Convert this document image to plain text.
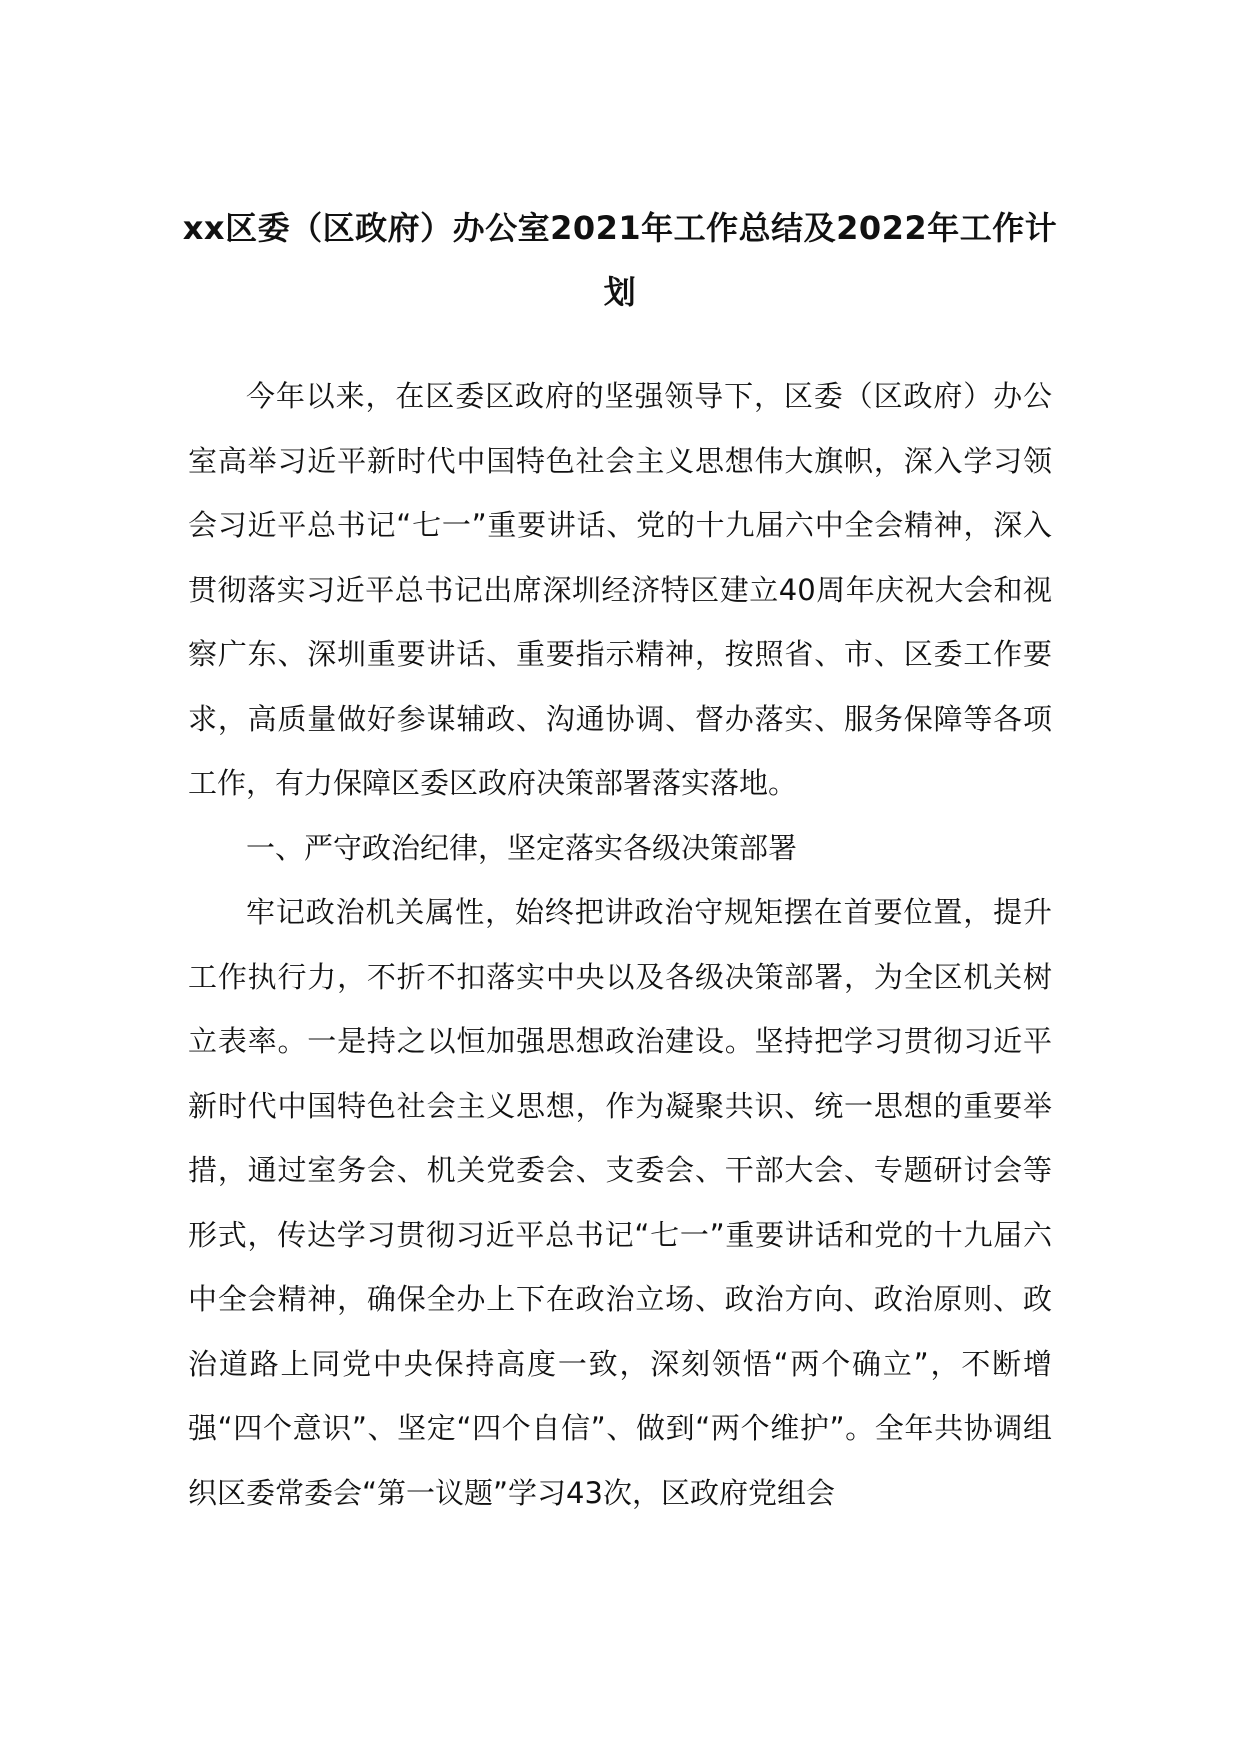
xx区委（区政府）办公室2021年工作总结及2022年工作计划

今年以来，在区委区政府的坚强领导下，区委（区政府）办公室高举习近平新时代中国特色社会主义思想伟大旗帜，深入学习领会习近平总书记“七一”重要讲话、党的十九届六中全会精神，深入贯彻落实习近平总书记出席深圳经济特区建立40周年庆祝大会和视察广东、深圳重要讲话、重要指示精神，按照省、市、区委工作要求，高质量做好参谋辅政、沟通协调、督办落实、服务保障等各项工作，有力保障区委区政府决策部署落实落地。

一、严守政治纪律，坚定落实各级决策部署

牢记政治机关属性，始终把讲政治守规矩摆在首要位置，提升工作执行力，不折不扣落实中央以及各级决策部署，为全区机关树立表率。一是持之以恒加强思想政治建设。坚持把学习贯彻习近平新时代中国特色社会主义思想，作为凝聚共识、统一思想的重要举措，通过室务会、机关党委会、支委会、干部大会、专题研讨会等形式，传达学习贯彻习近平总书记“七一”重要讲话和党的十九届六中全会精神，确保全办上下在政治立场、政治方向、政治原则、政治道路上同党中央保持高度一致，深刻领悟“两个确立”，不断增强“四个意识”、坚定“四个自信”、做到“两个维护”。全年共协调组织区委常委会“第一议题”学习43次，区政府党组会
